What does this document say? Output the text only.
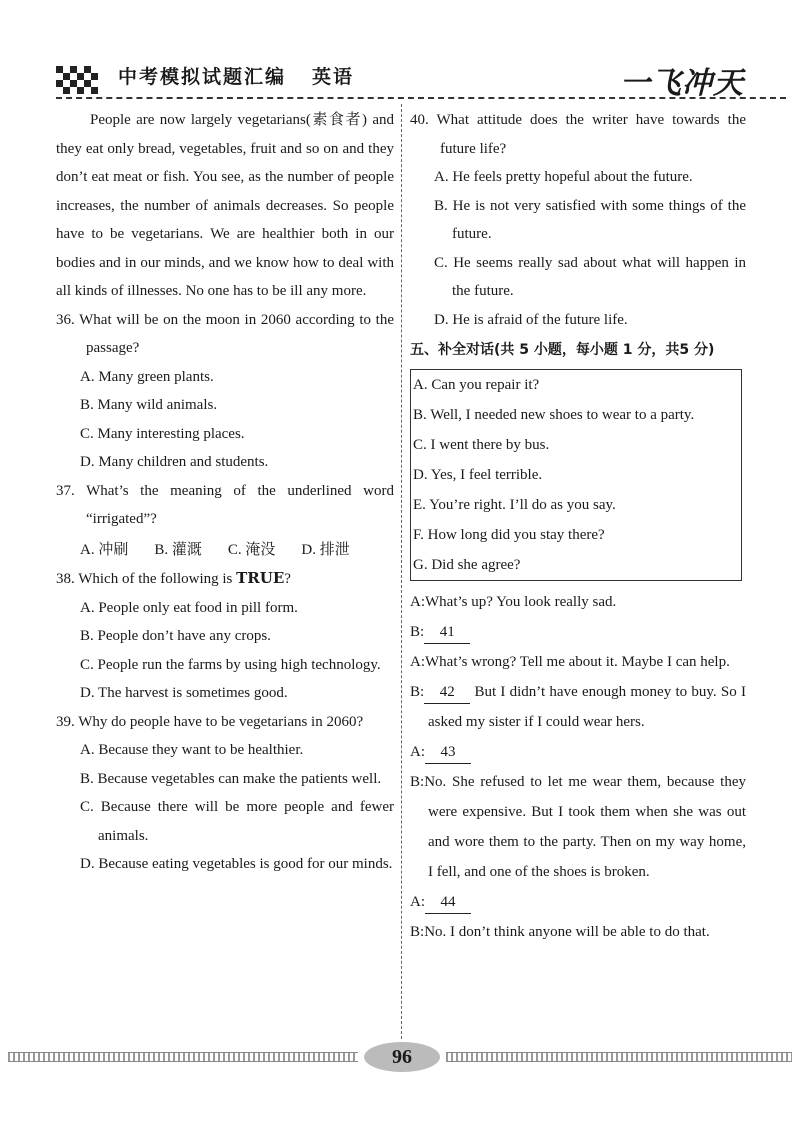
中考模拟试题汇编 英语	一飞冲天

People are now largely vegetarians(素食者) and they eat only bread, vegetables, fruit and so on and they don’t eat meat or fish. You see, as the number of people increases, the number of animals decreases. So people have to be vegetarians. We are healthier both in our bodies and in our minds, and we know how to deal with all kinds of illnesses. No one has to be ill any more.

36. What will be on the moon in 2060 according to the passage?

A. Many green plants.

B. Many wild animals.

C. Many interesting places.

D. Many children and students.

37. What’s the meaning of the underlined word “irrigated”?

A. 冲刷 B. 灌溉 C. 淹没 D. 排泄

38. Which of the following is TRUE?

A. People only eat food in pill form.

B. People don’t have any crops.

C. People run the farms by using high technology.

D. The harvest is sometimes good.

39. Why do people have to be vegetarians in 2060?

A. Because they want to be healthier.

B. Because vegetables can make the patients well.

C. Because there will be more people and fewer animals.

D. Because eating vegetables is good for our minds.

40. What attitude does the writer have towards the future life?

A. He feels pretty hopeful about the future.

B. He is not very satisfied with some things of the future.

C. He seems really sad about what will happen in the future.

D. He is afraid of the future life.

五、补全对话(共 5 小题，每小题 1 分，共5 分)

A. Can you repair it?
B. Well, I needed new shoes to wear to a party.
C. I went there by bus.
D. Yes, I feel terrible.
E. You’re right. I’ll do as you say.
F. How long did you stay there?
G. Did she agree?

A:What’s up? You look really sad.

B: 41

A:What’s wrong? Tell me about it. Maybe I can help.

B: 42 But I didn’t have enough money to buy. So I asked my sister if I could wear hers.

A: 43

B:No. She refused to let me wear them, because they were expensive. But I took them when she was out and wore them to the party. Then on my way home, I fell, and one of the shoes is broken.

A: 44

B:No. I don’t think anyone will be able to do that.

96
